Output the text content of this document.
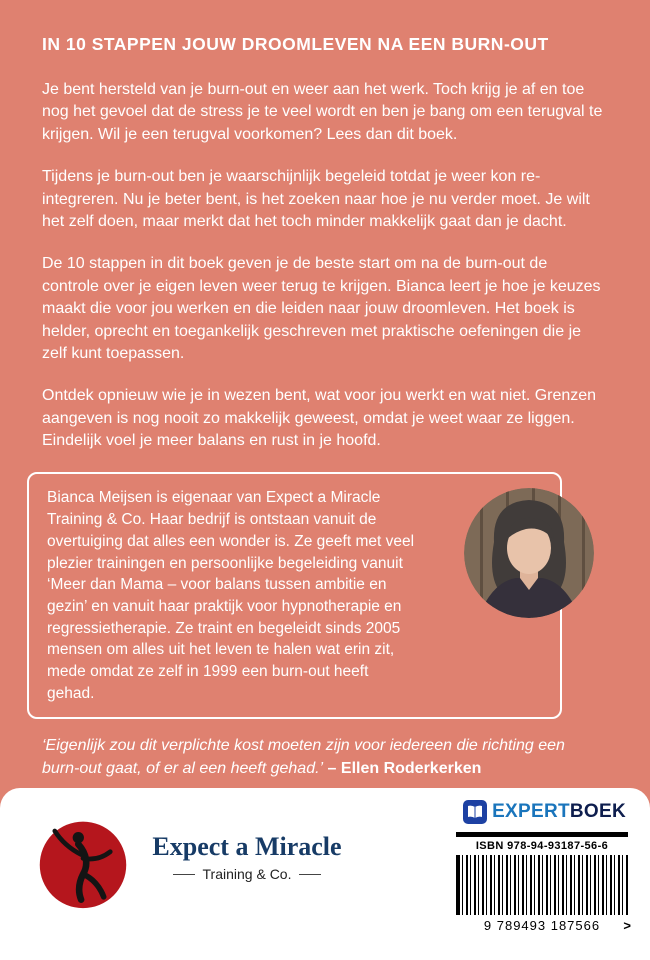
IN 10 STAPPEN JOUW DROOMLEVEN NA EEN BURN-OUT

Je bent hersteld van je burn-out en weer aan het werk. Toch krijg je af en toe nog het gevoel dat de stress je te veel wordt en ben je bang om een terugval te krijgen. Wil je een terugval voorkomen? Lees dan dit boek.

Tijdens je burn-out ben je waarschijnlijk begeleid totdat je weer kon re-integreren. Nu je beter bent, is het zoeken naar hoe je nu verder moet. Je wilt het zelf doen, maar merkt dat het toch minder makkelijk gaat dan je dacht.

De 10 stappen in dit boek geven je de beste start om na de burn-out de controle over je eigen leven weer terug te krijgen. Bianca leert je hoe je keuzes maakt die voor jou werken en die leiden naar jouw droomleven. Het boek is helder, oprecht en toegankelijk geschreven met praktische oefeningen die je zelf kunt toepassen.

Ontdek opnieuw wie je in wezen bent, wat voor jou werkt en wat niet. Grenzen aangeven is nog nooit zo makkelijk geweest, omdat je weet waar ze liggen. Eindelijk voel je meer balans en rust in je hoofd.

Bianca Meijsen is eigenaar van Expect a Miracle Training & Co. Haar bedrijf is ontstaan vanuit de overtuiging dat alles een wonder is. Ze geeft met veel plezier trainingen en persoonlijke begeleiding vanuit ‘Meer dan Mama – voor balans tussen ambitie en gezin’ en vanuit haar praktijk voor hypnotherapie en regressietherapie. Ze traint en begeleidt sinds 2005 mensen om alles uit het leven te halen wat erin zit, mede omdat ze zelf in 1999 een burn-out heeft gehad.
‘Eigenlijk zou dit verplichte kost moeten zijn voor iedereen die richting een burn-out gaat, of er al een heeft gehad.’ – Ellen Roderkerken
Expect a Miracle
Training & Co.
EXPERTBOEK
ISBN 978-94-93187-56-6
9 789493 187566 >
